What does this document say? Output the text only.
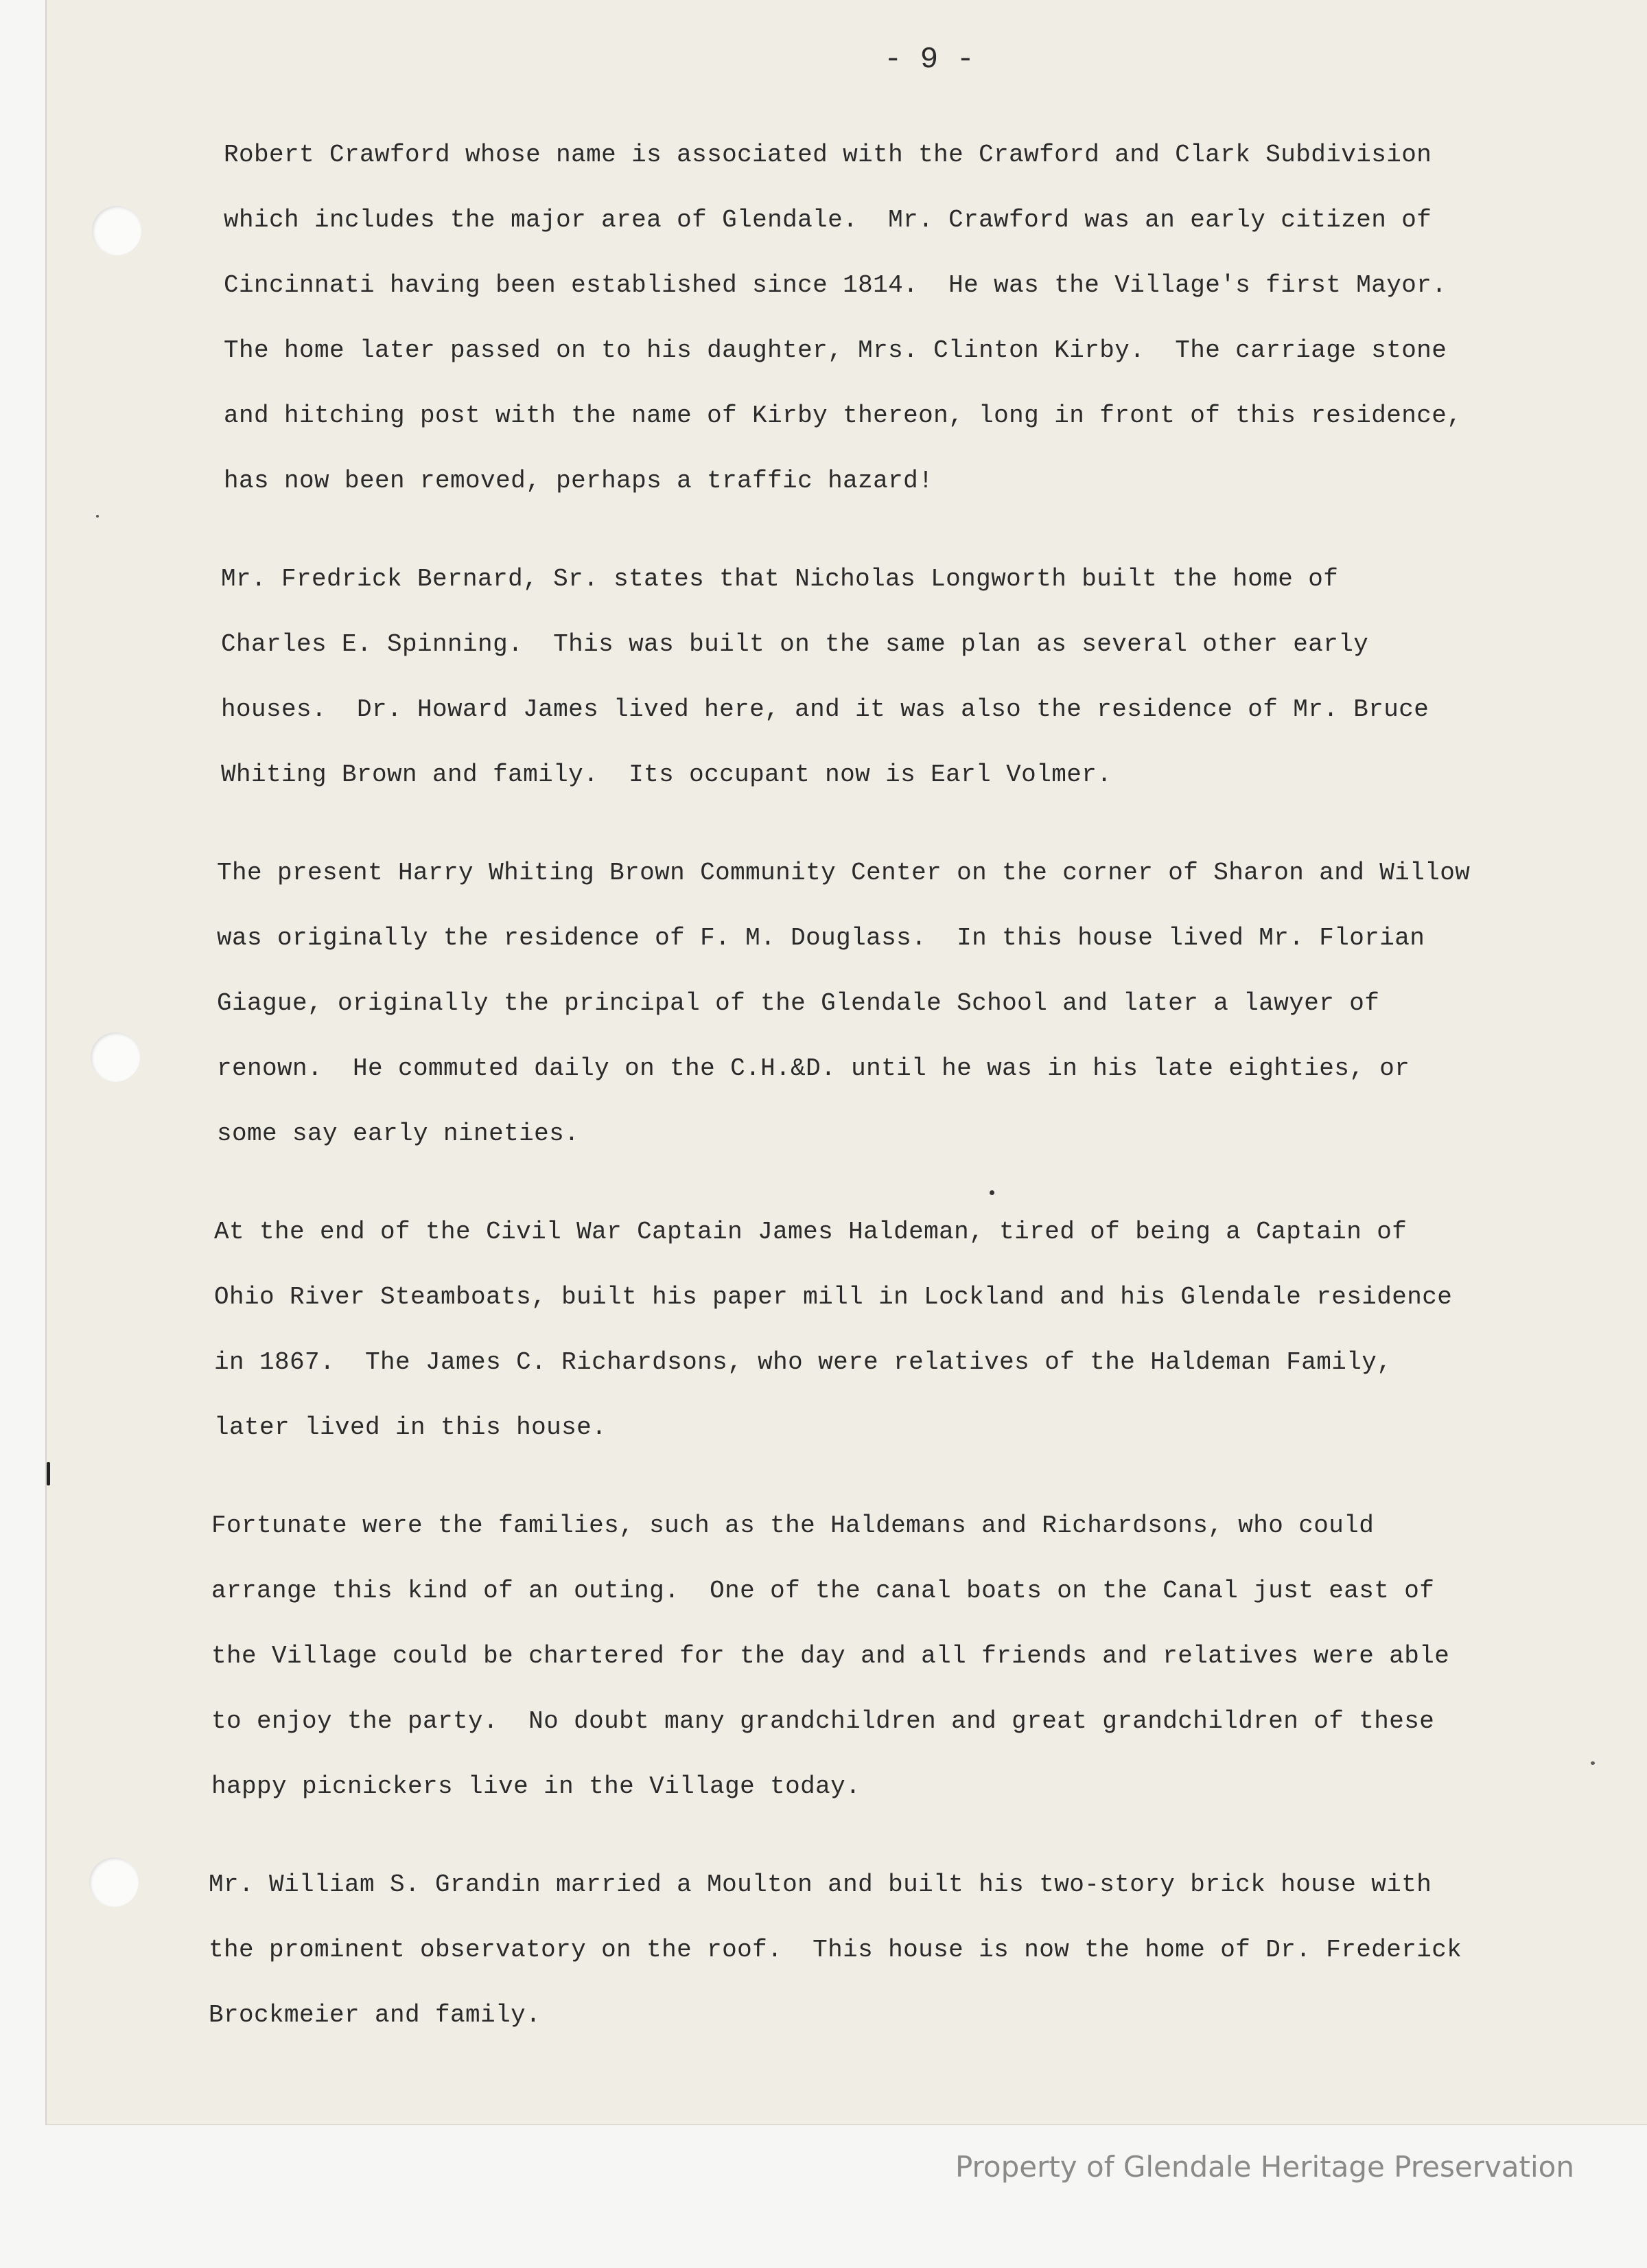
- 9 -
Robert Crawford whose name is associated with the Crawford and Clark Subdivision
which includes the major area of Glendale.  Mr. Crawford was an early citizen of
Cincinnati having been established since 1814.  He was the Village's first Mayor.
The home later passed on to his daughter, Mrs. Clinton Kirby.  The carriage stone
and hitching post with the name of Kirby thereon, long in front of this residence,
has now been removed, perhaps a traffic hazard!
Mr. Fredrick Bernard, Sr. states that Nicholas Longworth built the home of
Charles E. Spinning.  This was built on the same plan as several other early
houses.  Dr. Howard James lived here, and it was also the residence of Mr. Bruce
Whiting Brown and family.  Its occupant now is Earl Volmer.
The present Harry Whiting Brown Community Center on the corner of Sharon and Willow
was originally the residence of F. M. Douglass.  In this house lived Mr. Florian
Giague, originally the principal of the Glendale School and later a lawyer of
renown.  He commuted daily on the C.H.&D. until he was in his late eighties, or
some say early nineties.
At the end of the Civil War Captain James Haldeman, tired of being a Captain of
Ohio River Steamboats, built his paper mill in Lockland and his Glendale residence
in 1867.  The James C. Richardsons, who were relatives of the Haldeman Family,
later lived in this house.
Fortunate were the families, such as the Haldemans and Richardsons, who could
arrange this kind of an outing.  One of the canal boats on the Canal just east of
the Village could be chartered for the day and all friends and relatives were able
to enjoy the party.  No doubt many grandchildren and great grandchildren of these
happy picnickers live in the Village today.
Mr. William S. Grandin married a Moulton and built his two-story brick house with
the prominent observatory on the roof.  This house is now the home of Dr. Frederick
Brockmeier and family.
Property of Glendale Heritage Preservation
